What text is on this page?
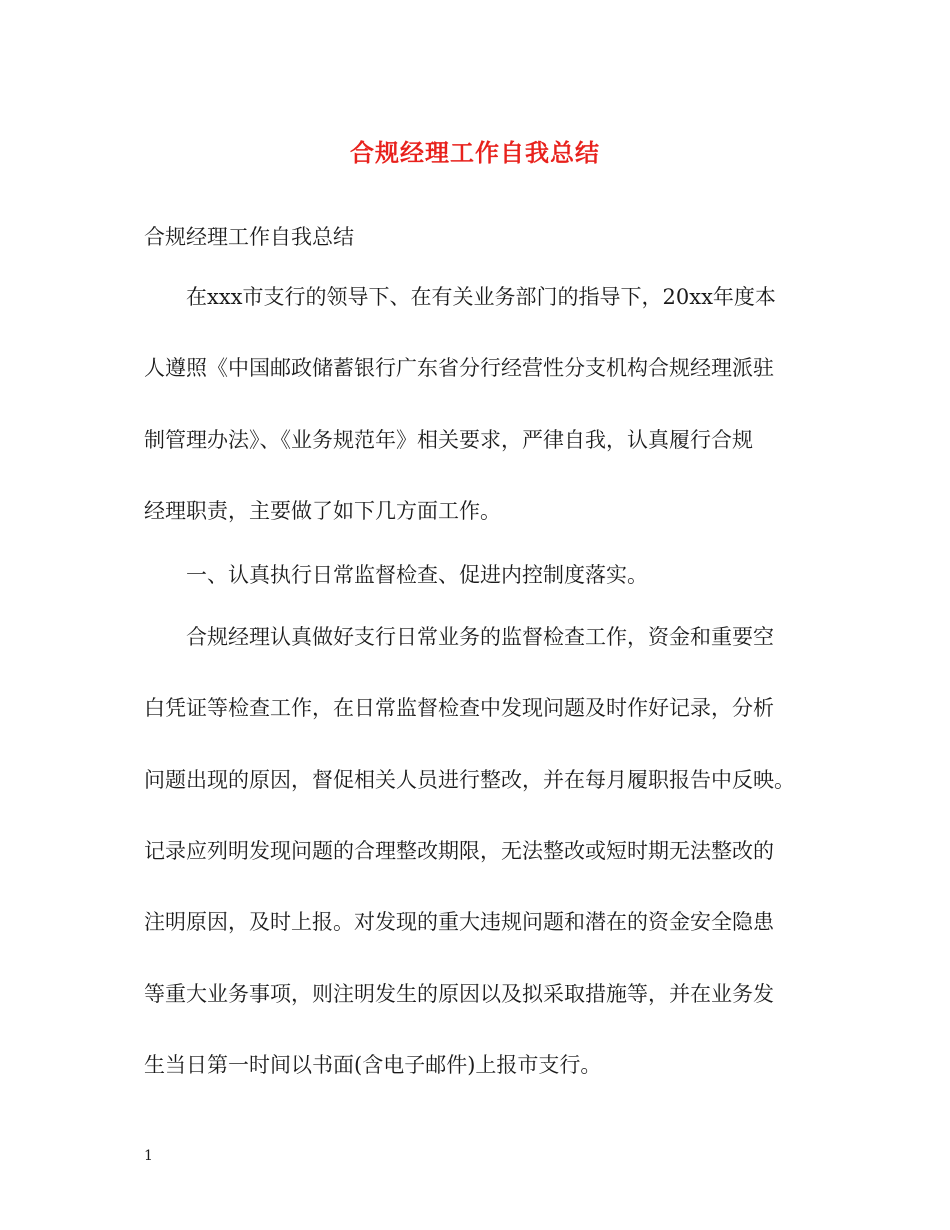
合规经理工作自我总结

合规经理工作自我总结

在xxx市支行的领导下、在有关业务部门的指导下，20xx年度本

人遵照《中国邮政储蓄银行广东省分行经营性分支机构合规经理派驻

制管理办法》、《业务规范年》相关要求，严律自我，认真履行合规

经理职责，主要做了如下几方面工作。

一、认真执行日常监督检查、促进内控制度落实。

合规经理认真做好支行日常业务的监督检查工作，资金和重要空

白凭证等检查工作，在日常监督检查中发现问题及时作好记录，分析

问题出现的原因，督促相关人员进行整改，并在每月履职报告中反映。

记录应列明发现问题的合理整改期限，无法整改或短时期无法整改的

注明原因，及时上报。对发现的重大违规问题和潜在的资金安全隐患

等重大业务事项，则注明发生的原因以及拟采取措施等，并在业务发

生当日第一时间以书面(含电子邮件)上报市支行。

1
